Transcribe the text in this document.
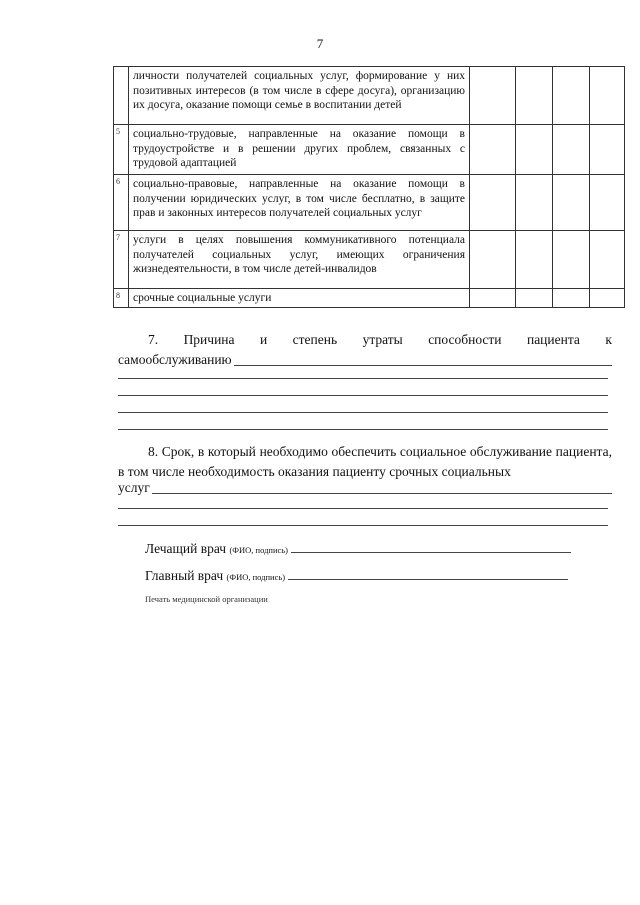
7

	личности получателей социальных услуг, формирование у них позитивных интересов (в том числе в сфере досуга), организацию их досуга, оказание помощи семье в воспитании детей				

5	социально-трудовые, направленные на оказание помощи в трудоустройстве и в решении других проблем, связанных с трудовой адаптацией				

6	социально-правовые, направленные на оказание помощи в получении юридических услуг, в том числе бесплатно, в защите прав и законных интересов получателей социальных услуг				

7	услуги в целях повышения коммуникативного потенциала получателей социальных услуг, имеющих ограничения жизнедеятельности, в том числе детей-инвалидов				

8	срочные социальные услуги				

7. Причина и степень утраты способности пациента к
самообслуживанию
8. Срок, в который необходимо обеспечить социальное обслуживание пациента, в том числе необходимость оказания пациенту срочных социальных
услуг
Лечащий врач (ФИО, подпись)
Главный врач (ФИО, подпись)
Печать медицинской организации
